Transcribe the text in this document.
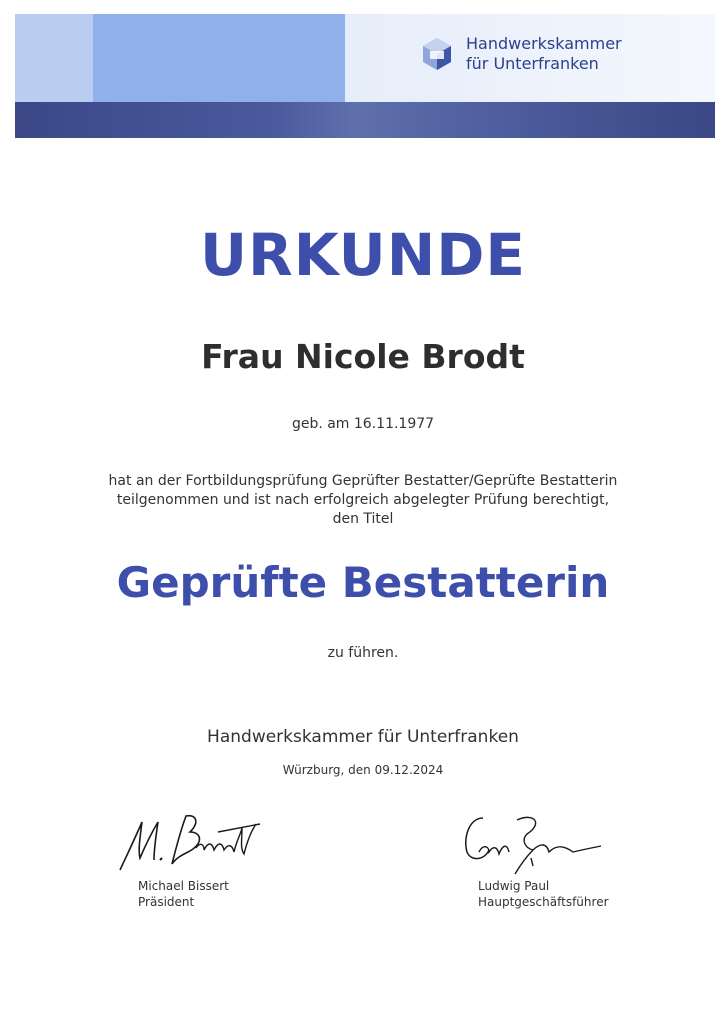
Handwerkskammer
für Unterfranken
URKUNDE
Frau Nicole Brodt
geb. am 16.11.1977
hat an der Fortbildungsprüfung Geprüfter Bestatter/Geprüfte Bestatterin
teilgenommen und ist nach erfolgreich abgelegter Prüfung berechtigt,
den Titel
Geprüfte Bestatterin
zu führen.
Handwerkskammer für Unterfranken
Würzburg, den 09.12.2024
Michael Bissert
Präsident
Ludwig Paul
Hauptgeschäftsführer
